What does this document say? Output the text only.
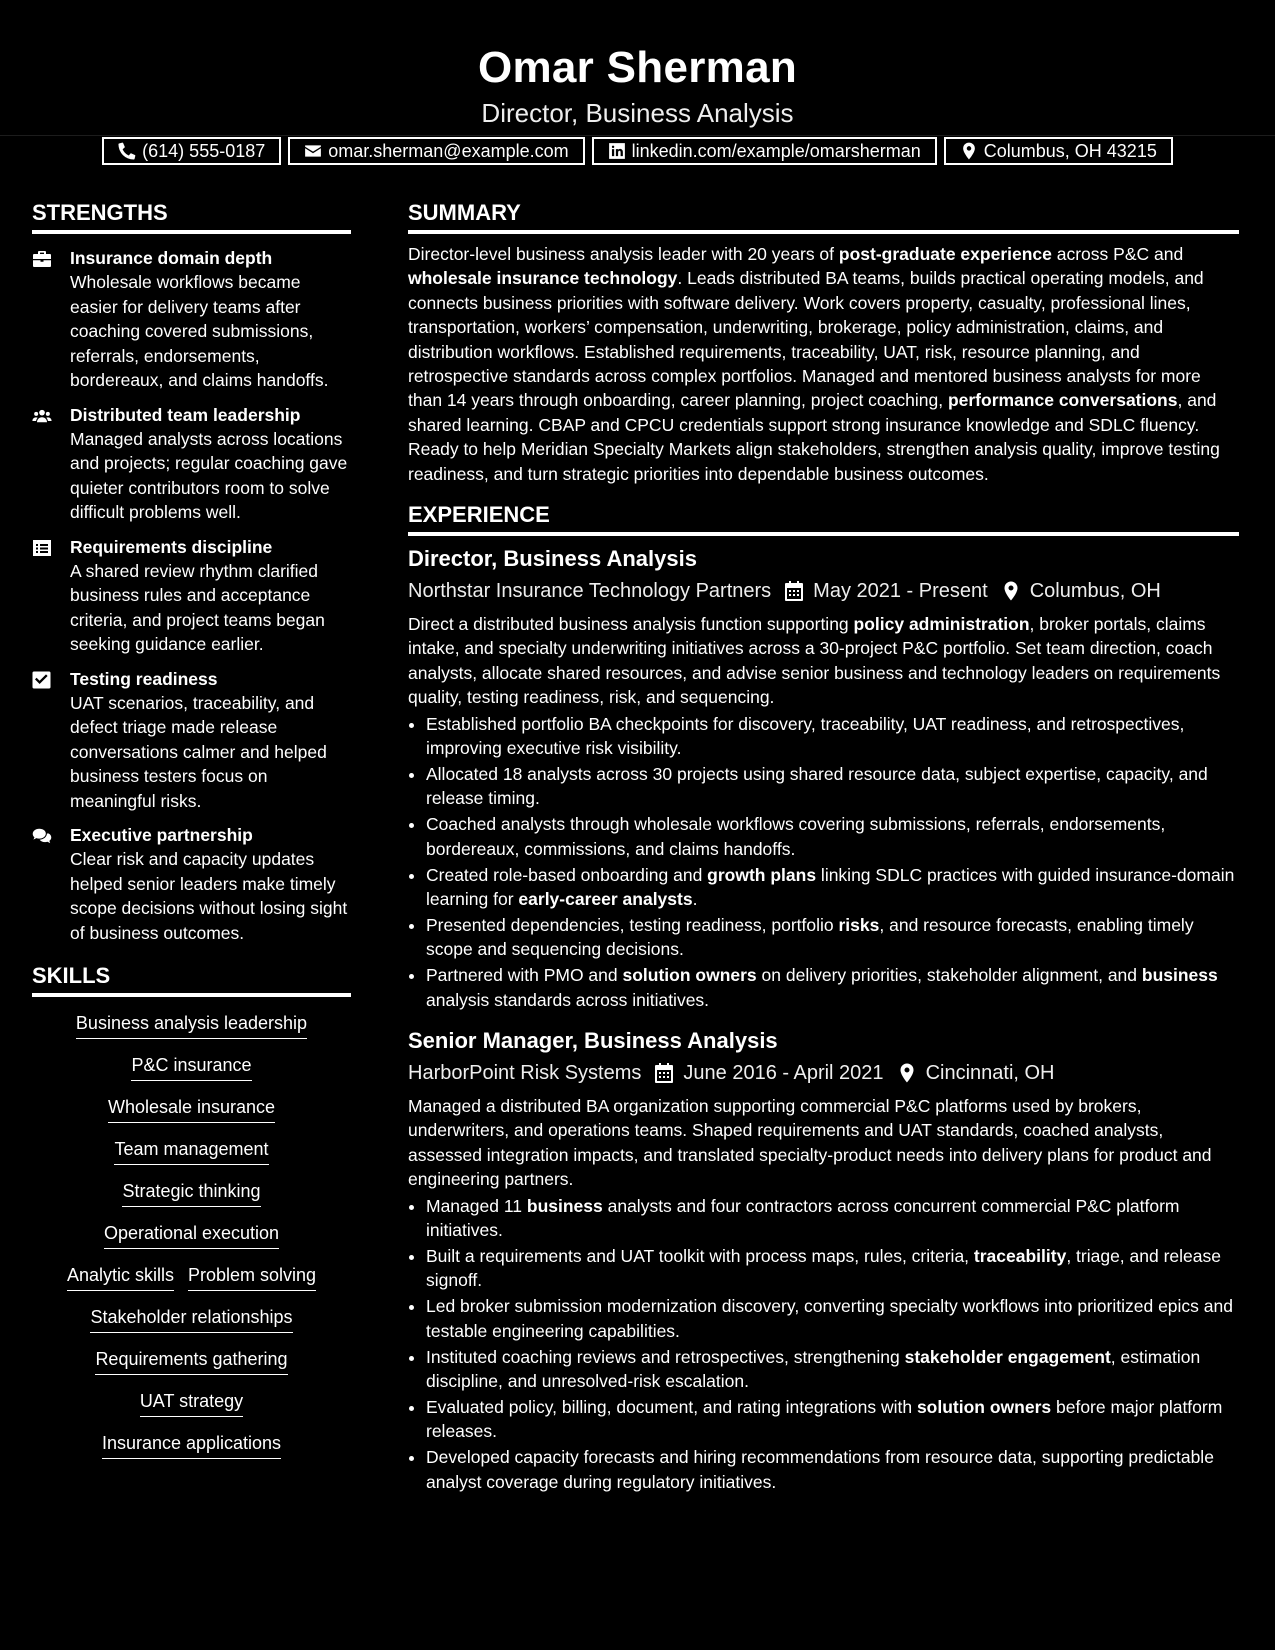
Omar Sherman
Director, Business Analysis
(614) 555-0187	omar.sherman@example.com	linkedin.com/example/omarsherman	Columbus, OH 43215
STRENGTHS
Insurance domain depth
Wholesale workflows became easier for delivery teams after coaching covered submissions, referrals, endorsements, bordereaux, and claims handoffs.
Distributed team leadership
Managed analysts across locations and projects; regular coaching gave quieter contributors room to solve difficult problems well.
Requirements discipline
A shared review rhythm clarified business rules and acceptance criteria, and project teams began seeking guidance earlier.
Testing readiness
UAT scenarios, traceability, and defect triage made release conversations calmer and helped business testers focus on meaningful risks.
Executive partnership
Clear risk and capacity updates helped senior leaders make timely scope decisions without losing sight of business outcomes.
SKILLS
Business analysis leadership
P&C insurance
Wholesale insurance
Team management
Strategic thinking
Operational execution
Analytic skills Problem solving
Stakeholder relationships
Requirements gathering
UAT strategy
Insurance applications
SUMMARY
Director-level business analysis leader with 20 years of post-graduate experience across P&C and wholesale insurance technology. Leads distributed BA teams, builds practical operating models, and connects business priorities with software delivery. Work covers property, casualty, professional lines, transportation, workers’ compensation, underwriting, brokerage, policy administration, claims, and distribution workflows. Established requirements, traceability, UAT, risk, resource planning, and retrospective standards across complex portfolios. Managed and mentored business analysts for more than 14 years through onboarding, career planning, project coaching, performance conversations, and shared learning. CBAP and CPCU credentials support strong insurance knowledge and SDLC fluency. Ready to help Meridian Specialty Markets align stakeholders, strengthen analysis quality, improve testing readiness, and turn strategic priorities into dependable business outcomes.
EXPERIENCE
Director, Business Analysis
Northstar Insurance Technology Partners May 2021 - Present Columbus, OH
Direct a distributed business analysis function supporting policy administration, broker portals, claims intake, and specialty underwriting initiatives across a 30-project P&C portfolio. Set team direction, coach analysts, allocate shared resources, and advise senior business and technology leaders on requirements quality, testing readiness, risk, and sequencing.
• Established portfolio BA checkpoints for discovery, traceability, UAT readiness, and retrospectives, improving executive risk visibility.
• Allocated 18 analysts across 30 projects using shared resource data, subject expertise, capacity, and release timing.
• Coached analysts through wholesale workflows covering submissions, referrals, endorsements, bordereaux, commissions, and claims handoffs.
• Created role-based onboarding and growth plans linking SDLC practices with guided insurance-domain learning for early-career analysts.
• Presented dependencies, testing readiness, portfolio risks, and resource forecasts, enabling timely scope and sequencing decisions.
• Partnered with PMO and solution owners on delivery priorities, stakeholder alignment, and business analysis standards across initiatives.
Senior Manager, Business Analysis
HarborPoint Risk Systems June 2016 - April 2021 Cincinnati, OH
Managed a distributed BA organization supporting commercial P&C platforms used by brokers, underwriters, and operations teams. Shaped requirements and UAT standards, coached analysts, assessed integration impacts, and translated specialty-product needs into delivery plans for product and engineering partners.
• Managed 11 business analysts and four contractors across concurrent commercial P&C platform initiatives.
• Built a requirements and UAT toolkit with process maps, rules, criteria, traceability, triage, and release signoff.
• Led broker submission modernization discovery, converting specialty workflows into prioritized epics and testable engineering capabilities.
• Instituted coaching reviews and retrospectives, strengthening stakeholder engagement, estimation discipline, and unresolved-risk escalation.
• Evaluated policy, billing, document, and rating integrations with solution owners before major platform releases.
• Developed capacity forecasts and hiring recommendations from resource data, supporting predictable analyst coverage during regulatory initiatives.
